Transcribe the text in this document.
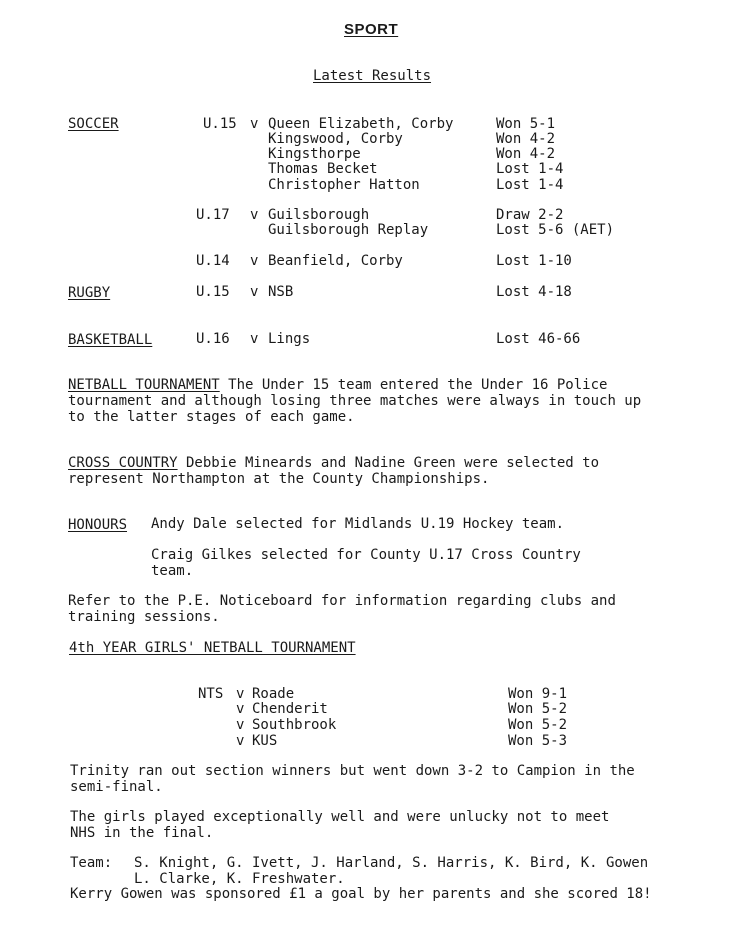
SPORT
Latest Results
SOCCER	U.15 v Queen Elizabeth, Corby	Won 5-1
Kingswood, Corby	Won 4-2
Kingsthorpe	Won 4-2
Thomas Becket	Lost 1-4
Christopher Hatton	Lost 1-4
U.17 v Guilsborough	Draw 2-2
Guilsborough Replay	Lost 5-6 (AET)
U.14 v Beanfield, Corby	Lost 1-10
RUGBY	U.15 v NSB	Lost 4-18
BASKETBALL	U.16 v Lings	Lost 46-66
NETBALL TOURNAMENT The Under 15 team entered the Under 16 Police
tournament and although losing three matches were always in touch up
to the latter stages of each game.
CROSS COUNTRY Debbie Mineards and Nadine Green were selected to
represent Northampton at the County Championships.
HONOURS Andy Dale selected for Midlands U.19 Hockey team.
Craig Gilkes selected for County U.17 Cross Country
team.
Refer to the P.E. Noticeboard for information regarding clubs and
training sessions.
4th YEAR GIRLS' NETBALL TOURNAMENT
NTS v Roade	Won 9-1
v Chenderit	Won 5-2
v Southbrook	Won 5-2
v KUS	Won 5-3
Trinity ran out section winners but went down 3-2 to Campion in the
semi-final.
The girls played exceptionally well and were unlucky not to meet
NHS in the final.
Team: S. Knight, G. Ivett, J. Harland, S. Harris, K. Bird, K. Gowen
L. Clarke, K. Freshwater.
Kerry Gowen was sponsored £1 a goal by her parents and she scored 18!
